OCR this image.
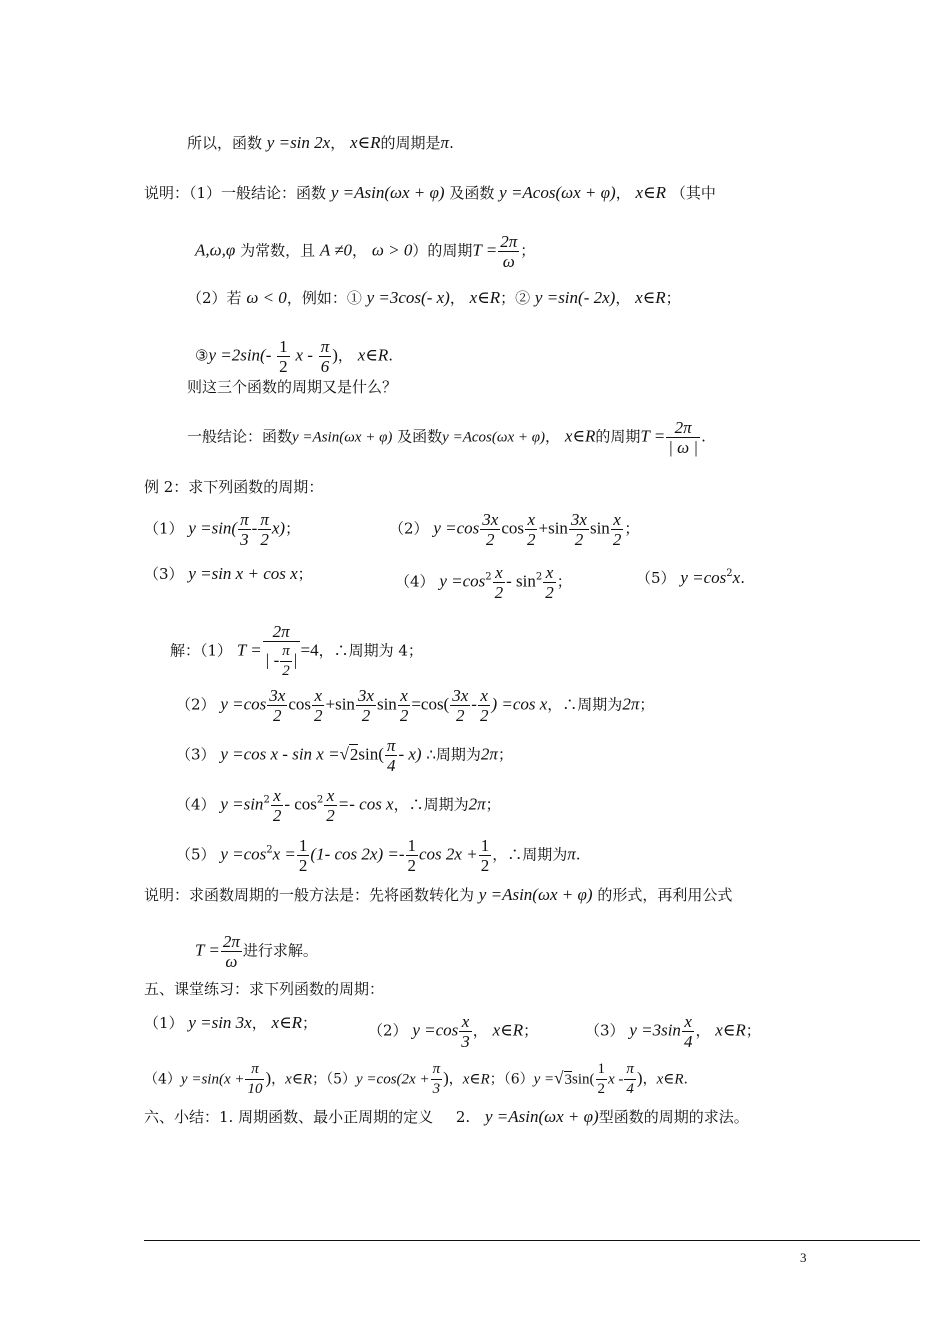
所以，函数 y =sin 2x， x∈R的周期是π.
说明：（1）一般结论：函数 y =Asin(ωx + φ) 及函数 y =Acos(ωx + φ)， x∈R （其中
A,ω,φ 为常数，且 A ≠0， ω > 0）的周期$T = \frac{2\pi}{\omega}$ ；
（2）若 ω < 0，例如：① y =3cos(- x)， x∈R；② y =sin(- 2x)， x∈R；
③y $=2\sin(- \frac{1}{2}$ x - $\frac{\pi}{6}$ )， x∈R.
则这三个函数的周期又是什么？
一般结论：函数y =Asin(ωx + φ) 及函数y =Acos(ωx + φ)， x∈R的周期$T = \frac{2\pi}{| \omega |}$ .
例 2：求下列函数的周期：
（1） $y =\sin( \frac{\pi}{3} - \frac{\pi}{2} x)$；	（2） $y =\cos \frac{3x}{2}$ $\cos \frac{x}{2} +\sin \frac{3x}{2}$ $\sin \frac{x}{2}$ ；
（3） y =sin x + cos x；	（4） $y =\cos^2 \frac{x}{2} - \sin^2 \frac{x}{2}$ ；	（5） $y =\cos^2x$.
解：（1） $T = \frac{2\pi}{| - \frac{\pi}{2} |} =4$，∴周期为 4；
（2） $y =\cos \frac{3x}{2}$ $\cos \frac{x}{2} +\sin \frac{3x}{2}$ $\sin \frac{x}{2} =\cos( \frac{3x}{2} - \frac{x}{2}$ ) =cos x，∴周期为2π；
（3） y =cos $x - \sin x =√2\sin( \frac{\pi}{4} - x)$ ∴周期为2π；
（4） $y =\sin^2 \frac{x}{2} - \cos^2 \frac{x}{2} =- \cos x$，∴周期为2π；
（5） $y =\cos^2x = \frac{1}{2} (1-$ $\cos 2x) =- \frac{1}{2}$ $\cos 2x + \frac{1}{2}$ ，∴周期为π.
说明：求函数周期的一般方法是：先将函数转化为 y =Asin(ωx + φ) 的形式，再利用公式
$T = \frac{2\pi}{\omega}$ 进行求解。
五、课堂练习：求下列函数的周期：
（1） y =sin 3x， x∈R；	（2） $y =\cos \frac{x}{3}$ ， x∈R；	（3） $y =3\sin \frac{x}{4}$ ， x∈R；
$(4)y =\sin(x + \frac{\pi}{10}$ )，x∈R；$(5)y =\cos(2x + \frac{\pi}{3}$ )，x∈R；$(6)y =√3\sin( \frac{1}{2}$ x - $\frac{\pi}{4}$ )，x∈R.
六、小结：1. 周期函数、最小正周期的定义 2. y =Asin(ωx + φ)型函数的周期的求法。
3
